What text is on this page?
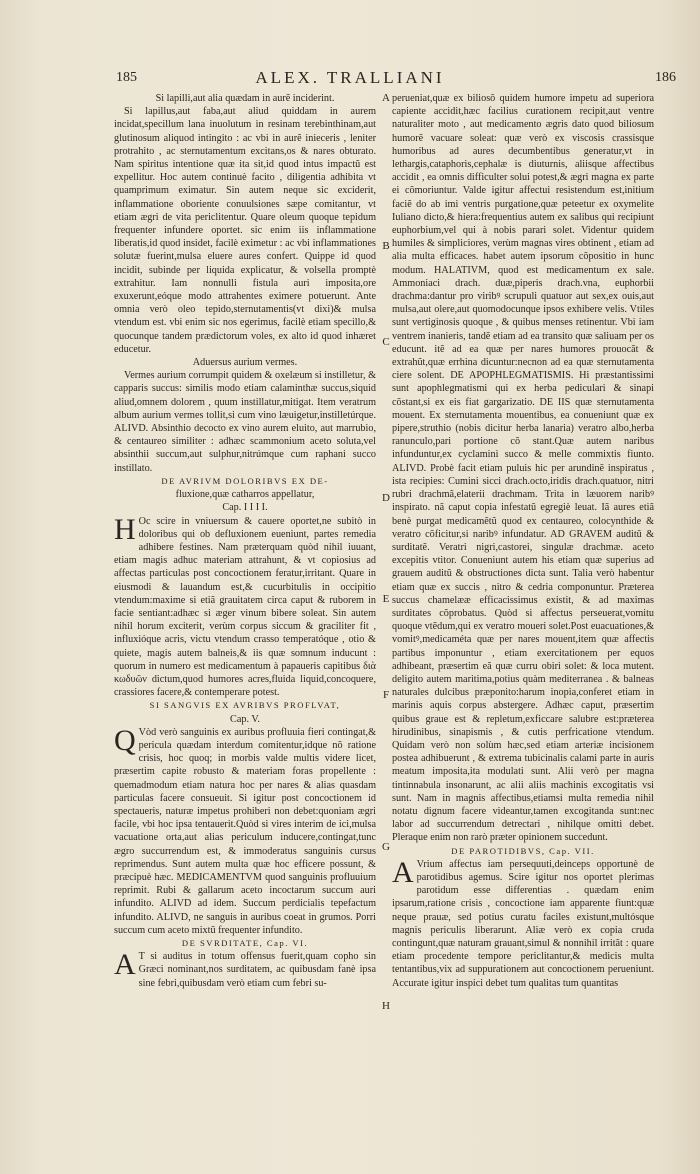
185	ALEX. TRALLIANI	186

Si lapilli,aut alia quædam in aurẽ inciderint.

Si lapillus,aut faba,aut aliud quiddam in aurem incidat,specillum lana inuolutum in resinam terebinthinam,aut glutinosum aliquod intingito : ac vbi in aurẽ inieceris , leniter protrahito , ac sternutamentum excitans,os & nares obturato. Nam spiritus intentione quæ ita sit,id quod intus impactũ est expellitur. Hoc autem continuè facito , diligentia adhibita vt quamprimum eximatur. Sin autem neque sic exciderit, inflammatione oboriente conuulsiones sæpe comitantur, vt etiam ægri de vita periclitentur. Quare oleum quoque tepidum frequenter infundere oportet. sic enim iis inflammatione liberatis,id quod insidet, facilè eximetur : ac vbi inflammationes solutæ fuerint,mulsa eluere aures confert. Quippe id quod incidit, subinde per liquida explicatur, & volsella promptè extrahitur. Iam nonnulli fistula auri imposita,ore exuxerunt,eóque modo attrahentes eximere potuerunt. Ante omnia verò oleo tepido,sternutamentis(vt dixi)& mulsa vtendum est. vbi enim sic nos egerimus, facilè etiam specillo,& quocunque tandem prædictorum voles, ex alto id quod inhæret educetur.

Aduersus aurium vermes.

Vermes aurium corrumpit quidem & oxelæum si instilletur, & capparis succus: similis modo etiam calaminthæ succus,siquid aliud,omnem dolorem , quum instillatur,mitigat. Item veratrum album aurium vermes tollit,si cum vino læuigetur,instilletúrque. ALIVD. Absinthio decocto ex vino aurem eluito, aut marrubio, & centaureo similiter : adhæc scammonium aceto soluta,vel absinthii succum,aut sulphur,nitrúmque cum raphani succo instillato.

DE AVRIVM DOLORIBVS EX DE-

fluxione,quæ catharros appellatur,

Cap. I I I I.

H Oc scire in vniuersum & cauere oportet,ne subitò in doloribus qui ob defluxionem eueniunt, partes remedia adhibere festines. Nam præterquam quòd nihil iuuant, etiam magis adhuc materiam attrahunt, & vt copiosius ad affectas particulas post concoctionem feratur,irritant. Quare in eiusmodi & lauandum est,& cucurbitulis in occipitio vtendum:maxime si etiã grauitatem circa caput & ruborem in facie sentiant:adhæc si æger vinum bibere soleat. Sin autem nihil horum exciterit, verùm corpus siccum & graciliter fit , influxióque acris, victu vtendum crasso temperatóque , otio & quiete, magis autem balneis,& iis quæ somnum inducunt : quorum in numero est medicamentum à papaueris capitibus διὰ κωδυῶν dictum,quod humores acres,fluida liquid,concoquere, crassiores facere,& contemperare potest.

SI SANGVIS EX AVRIBVS PROFLVAT,

Cap. V.

Q Vòd verò sanguinis ex auribus profluuia fieri contingat,& pericula quædam interdum comitentur,idque nõ ratione crisis, hoc quoq; in morbis valde multis videre licet, præsertim capite robusto & materiam foras propellente : quemadmodum etiam natura hoc per nares & alias quasdam particulas facere consueuit. Si igitur post concoctionem id spectaueris, naturæ impetus prohiberi non debet:quoniam ægri facile, vbi hoc ipsa tentauerit.Quòd si vires interim de ici,mulsa vacuatione orta,aut alias periculum inducere,contingat,tunc ægro succurrendum est, & immoderatus sanguinis cursus reprimendus. Sunt autem multa quæ hoc efficere possunt, & præcipuè hæc. MEDICAMENTVM quod sanguinis profluuium reprimit. Rubi & gallarum aceto incoctarum succum auri infundito. ALIVD ad idem. Succum perdicialis tepefactum infundito. ALIVD, ne sanguis in auribus coeat in grumos. Porri succum cum aceto mixtũ frequenter infundito.

DE SVRDITATE, Cap. VI.

A T si auditus in totum offensus fuerit,quam copho sin Græci nominant,nos surditatem, ac quibusdam fanè ipsa sine febri,quibusdam verò etiam cum febri su-

A
B
C
D
E
F
G
H

perueniat,quæ ex biliosõ quidem humore impetu ad superiora capiente accidit,hæc facilius curationem recipit,aut ventre naturaliter moto , aut medicamento ægris dato quod biliosum humorẽ vacuare soleat: quæ verò ex viscosis crassisque humoribus ad aures decumbentibus generatur,vt in lethargis,cataphoris,cephalæ is diuturnis, aliisque affectibus accidit , ea omnis difficulter solui potest,& ægri magna ex parte ei cõmoriuntur. Valde igitur affectui resistendum est,initium faciẽ do ab imi ventris purgatione,quæ peteetur ex oxymelite Iuliano dicto,& hiera:frequentius autem ex salibus qui recipiunt euphorbium,vel qui à nobis parari solet. Videntur quidem humiles & simpliciores, verùm magnas vires obtinent , etiam ad alia multa efficaces. habet autem ipsorum cõpositio in hunc modum. HALATIVM, quod est medicamentum ex sale. Ammoniaci drach. duæ,piperis drach.vna, euphorbii drachma:dantur pro viribꝰ scrupuli quatuor aut sex,ex ouis,aut mulsa,aut olere,aut quomodocunque ipsos exhibere velis. Vtiles sunt vertiginosis quoque , & quibus menses retinentur. Vbi iam ventrem inanieris, tandẽ etiam ad ea transito quæ saliuam per os educunt. itẽ ad ea quæ per nares humores prouocãt & extrahũt,quæ errhina dicuntur:necnon ad ea quæ sternutamenta ciere solent. DE APOPHLEGMATISMIS. Hi præstantissimi sunt apophlegmatismi qui ex herba pediculari & sinapi cõstant,si ex eis fiat gargarizatio. DE IIS quæ sternutamenta mouent. Ex sternutamenta mouentibus, ea conueniunt quæ ex pipere,struthio (nobis dicitur herba lanaria) veratro albo,herba ranunculo,pari portione cõ stant.Quæ autem naribus infunduntur,ex cyclamini succo & melle commixtis fiunto. ALIVD. Probè facit etiam puluis hic per arundinẽ inspiratus , ista recipies: Cumini sicci drach.octo,iridis drach.quatuor, nitri rubri drachmã,elaterii drachmam. Trita in læuorem naribꝰ inspirato. nã caput copia infestatũ egregiè leuat. Iã aures etiã benè purgat medicamẽtũ quod ex centaureo, colocynthide & veratro cõficitur,si naribꝰ infundatur. AD GRAVEM auditũ & surditatẽ. Veratri nigri,castorei, singulæ drachmæ. aceto excepitis vtitor. Conueniunt autem his etiam quæ superius ad grauem auditũ & obstructiones dicta sunt. Talia verò habentur etiam quæ ex succis , nitro & cedria componuntur. Præterea succus chamelææ efficacissimus existit, & ad maximas surditates cõprobatus. Quòd si affectus perseuerat,vomitu quoque vtẽdum,qui ex veratro moueri solet.Post euacuationes,& vomitꝰ,medicaméta quæ per nares mouent,item quæ affectis partibus imponuntur , etiam exercitationem per equos adhibeant, præsertim eã quæ curru obiri solet: & loca mutent. deligito autem maritima,potius quàm mediterranea . & balneas naturales dulcibus præponito:harum inopia,conferet etiam in marinis aquis corpus abstergere. Adhæc caput, præsertim quibus graue est & repletum,exficcare salubre est:præterea hirudinibus, sinapismis , & cutis perfricatione vtendum. Quidam verò non solùm hæc,sed etiam arteriæ incisionem postea adhibuerunt , & extrema tubicinalis calami parte in auris meatum imposita,ita modulati sunt. Alii verò per magna tintinnabula insonarunt, ac alii aliis machinis excogitatis vsi sunt. Nam in magnis affectibus,etiamsi multa remedia nihil notatu dignum facere videantur,tamen excogitanda sunt:nec labor ad succurrendum detrectari , nihilque omitti debet. Pleraque enim non rarò præter opinionem succedunt.

DE PAROTIDIBVS, Cap. VII.

A Vrium affectus iam persequuti,deinceps opportunè de parotidibus agemus. Scire igitur nos oportet plerimas parotidum esse differentias . quædam enim ipsarum,ratione crisis , concoctione iam apparente fiunt:quæ neque prauæ, sed potius curatu faciles existunt,multósque magnis periculis liberarunt. Aliæ verò ex copia cruda contingunt,quæ naturam grauant,simul & nonnihil irritãt : quare etiam procedente tempore periclitantur,& medicis multa tentantibus,vix ad suppurationem aut concoctionem perueniunt. Accurate igitur inspici debet tum qualitas tum quantitas
